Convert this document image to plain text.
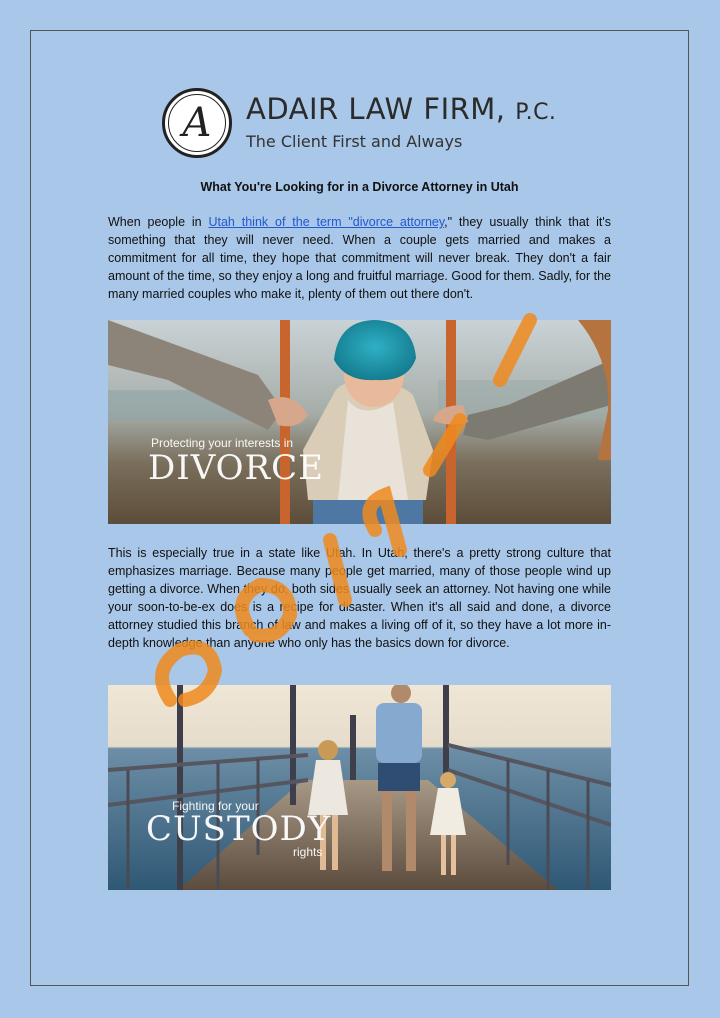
A	ADAIR LAW FIRM, P.C.
The Client First and Always
What You're Looking for in a Divorce Attorney in Utah

When people in Utah think of the term "divorce attorney," they usually think that it's something that they will never need. When a couple gets married and makes a commitment for all time, they hope that commitment will never break. They don't a fair amount of the time, so they enjoy a long and fruitful marriage. Good for them. Sadly, for the many married couples who make it, plenty of them out there don't.

Protecting your interests in
DIVORCE

This is especially true in a state like Utah. In Utah, there's a pretty strong culture that emphasizes marriage. Because many people get married, many of those people wind up getting a divorce. When they do, both sides usually seek an attorney. Not having one while your soon-to-be-ex does is a recipe for disaster. When it's all said and done, a divorce attorney studied this branch of law and makes a living off of it, so they have a lot more in-depth knowledge than anyone who only has the basics down for divorce.

Fighting for your
CUSTODY
rights
